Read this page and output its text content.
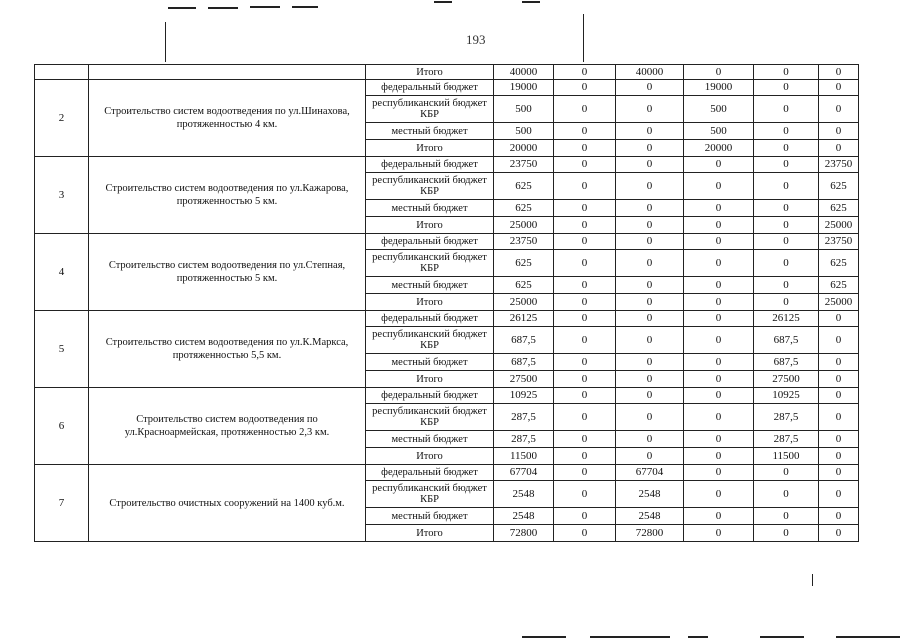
193
		Итого	40000	0	40000	0	0	0
2	Строительство систем водоотведения по ул.Шинахова, протяженностью 4 км.	федеральный бюджет	19000	0	0	19000	0	0
		республиканский бюджет КБР	500	0	0	500	0	0
		местный бюджет	500	0	0	500	0	0
		Итого	20000	0	0	20000	0	0
3	Строительство систем водоотведения по ул.Кажарова, протяженностью 5 км.	федеральный бюджет	23750	0	0	0	0	23750
		республиканский бюджет КБР	625	0	0	0	0	625
		местный бюджет	625	0	0	0	0	625
		Итого	25000	0	0	0	0	25000
4	Строительство систем водоотведения по ул.Степная, протяженностью 5 км.	федеральный бюджет	23750	0	0	0	0	23750
		республиканский бюджет КБР	625	0	0	0	0	625
		местный бюджет	625	0	0	0	0	625
		Итого	25000	0	0	0	0	25000
5	Строительство систем водоотведения по ул.К.Маркса, протяженностью 5,5 км.	федеральный бюджет	26125	0	0	0	26125	0
		республиканский бюджет КБР	687,5	0	0	0	687,5	0
		местный бюджет	687,5	0	0	0	687,5	0
		Итого	27500	0	0	0	27500	0
6	Строительство систем водоотведения по ул.Красноармейская, протяженностью 2,3 км.	федеральный бюджет	10925	0	0	0	10925	0
		республиканский бюджет КБР	287,5	0	0	0	287,5	0
		местный бюджет	287,5	0	0	0	287,5	0
		Итого	11500	0	0	0	11500	0
7	Строительство очистных сооружений на 1400 куб.м.	федеральный бюджет	67704	0	67704	0	0	0
		республиканский бюджет КБР	2548	0	2548	0	0	0
		местный бюджет	2548	0	2548	0	0	0
		Итого	72800	0	72800	0	0	0
